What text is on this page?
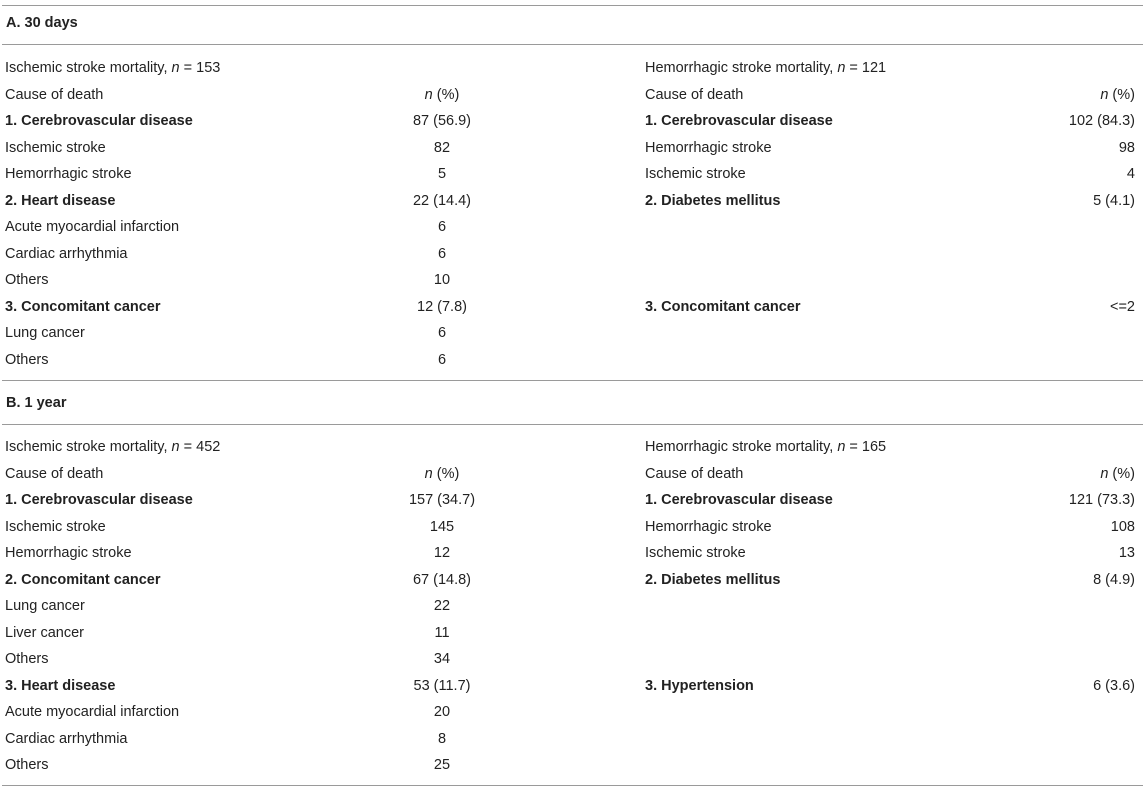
A. 30 days
Ischemic stroke mortality, n = 153	Hemorrhagic stroke mortality, n = 121
Cause of death	n (%)	Cause of death	n (%)
1. Cerebrovascular disease	87 (56.9)	1. Cerebrovascular disease	102 (84.3)
Ischemic stroke	82	Hemorrhagic stroke	98
Hemorrhagic stroke	5	Ischemic stroke	4
2. Heart disease	22 (14.4)	2. Diabetes mellitus	5 (4.1)
Acute myocardial infarction	6
Cardiac arrhythmia	6
Others	10
3. Concomitant cancer	12 (7.8)	3. Concomitant cancer	<=2
Lung cancer	6
Others	6
B. 1 year
Ischemic stroke mortality, n = 452	Hemorrhagic stroke mortality, n = 165
Cause of death	n (%)	Cause of death	n (%)
1. Cerebrovascular disease	157 (34.7)	1. Cerebrovascular disease	121 (73.3)
Ischemic stroke	145	Hemorrhagic stroke	108
Hemorrhagic stroke	12	Ischemic stroke	13
2. Concomitant cancer	67 (14.8)	2. Diabetes mellitus	8 (4.9)
Lung cancer	22
Liver cancer	11
Others	34
3. Heart disease	53 (11.7)	3. Hypertension	6 (3.6)
Acute myocardial infarction	20
Cardiac arrhythmia	8
Others	25
